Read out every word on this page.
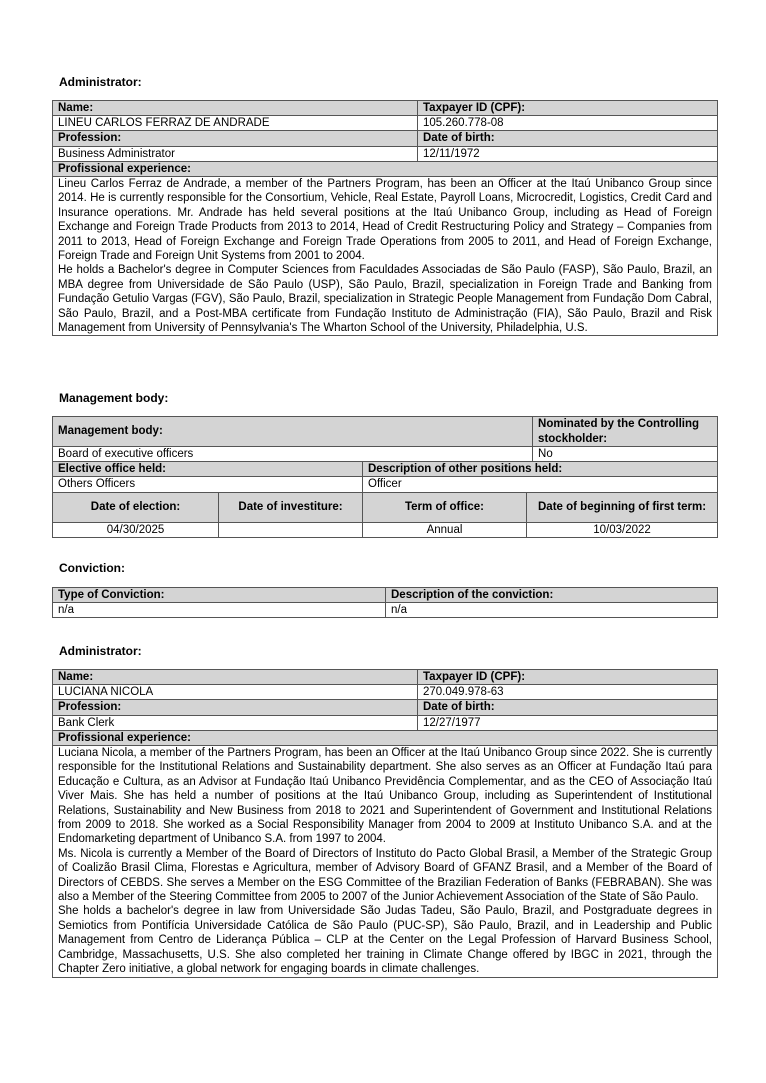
Administrator:
Name:	Taxpayer ID (CPF):
LINEU CARLOS FERRAZ DE ANDRADE	105.260.778-08
Profession:	Date of birth:
Business Administrator	12/11/1972
Profissional experience:	

Lineu Carlos Ferraz de Andrade, a member of the Partners Program, has been an Officer at the Itaú Unibanco Group since 2014. He is currently responsible for the Consortium, Vehicle, Real Estate, Payroll Loans, Microcredit, Logistics, Credit Card and Insurance operations. Mr. Andrade has held several positions at the Itaú Unibanco Group, including as Head of Foreign Exchange and Foreign Trade Products from 2013 to 2014, Head of Credit Restructuring Policy and Strategy – Companies from 2011 to 2013, Head of Foreign Exchange and Foreign Trade Operations from 2005 to 2011, and Head of Foreign Exchange, Foreign Trade and Foreign Unit Systems from 2001 to 2004.
He holds a Bachelor's degree in Computer Sciences from Faculdades Associadas de São Paulo (FASP), São Paulo, Brazil, an MBA degree from Universidade de São Paulo (USP), São Paulo, Brazil, specialization in Foreign Trade and Banking from Fundação Getulio Vargas (FGV), São Paulo, Brazil, specialization in Strategic People Management from Fundação Dom Cabral, São Paulo, Brazil, and a Post-MBA certificate from Fundação Instituto de Administração (FIA), São Paulo, Brazil and Risk Management from University of Pennsylvania's The Wharton School of the University, Philadelphia, U.S.	
Management body:
Management body:				Nominated by the Controlling stockholder:
Board of executive officers				No
Elective office held:		Description of other positions held:		
Others Officers		Officer		
Date of election:	Date of investiture:	Term of office:	Date of beginning of first term:	
04/30/2025		Annual	10/03/2022	
Conviction:
Type of Conviction:	Description of the conviction:
n/a	n/a
Administrator:
Name:	Taxpayer ID (CPF):
LUCIANA NICOLA	270.049.978-63
Profession:	Date of birth:
Bank Clerk	12/27/1977
Profissional experience:	

Luciana Nicola, a member of the Partners Program, has been an Officer at the Itaú Unibanco Group since 2022. She is currently responsible for the Institutional Relations and Sustainability department. She also serves as an Officer at Fundação Itaú para Educação e Cultura, as an Advisor at Fundação Itaú Unibanco Previdência Complementar, and as the CEO of Associação Itaú Viver Mais. She has held a number of positions at the Itaú Unibanco Group, including as Superintendent of Institutional Relations, Sustainability and New Business from 2018 to 2021 and Superintendent of Government and Institutional Relations from 2009 to 2018. She worked as a Social Responsibility Manager from 2004 to 2009 at Instituto Unibanco S.A. and at the Endomarketing department of Unibanco S.A. from 1997 to 2004.
Ms. Nicola is currently a Member of the Board of Directors of Instituto do Pacto Global Brasil, a Member of the Strategic Group of Coalizão Brasil Clima, Florestas e Agricultura, member of Advisory Board of GFANZ Brasil, and a Member of the Board of Directors of CEBDS. She serves a Member on the ESG Committee of the Brazilian Federation of Banks (FEBRABAN). She was also a Member of the Steering Committee from 2005 to 2007 of the Junior Achievement Association of the State of São Paulo.
She holds a bachelor's degree in law from Universidade São Judas Tadeu, São Paulo, Brazil, and Postgraduate degrees in Semiotics from Pontifícia Universidade Católica de São Paulo (PUC-SP), São Paulo, Brazil, and in Leadership and Public Management from Centro de Liderança Pública – CLP at the Center on the Legal Profession of Harvard Business School, Cambridge, Massachusetts, U.S. She also completed her training in Climate Change offered by IBGC in 2021, through the Chapter Zero initiative, a global network for engaging boards in climate challenges.	
